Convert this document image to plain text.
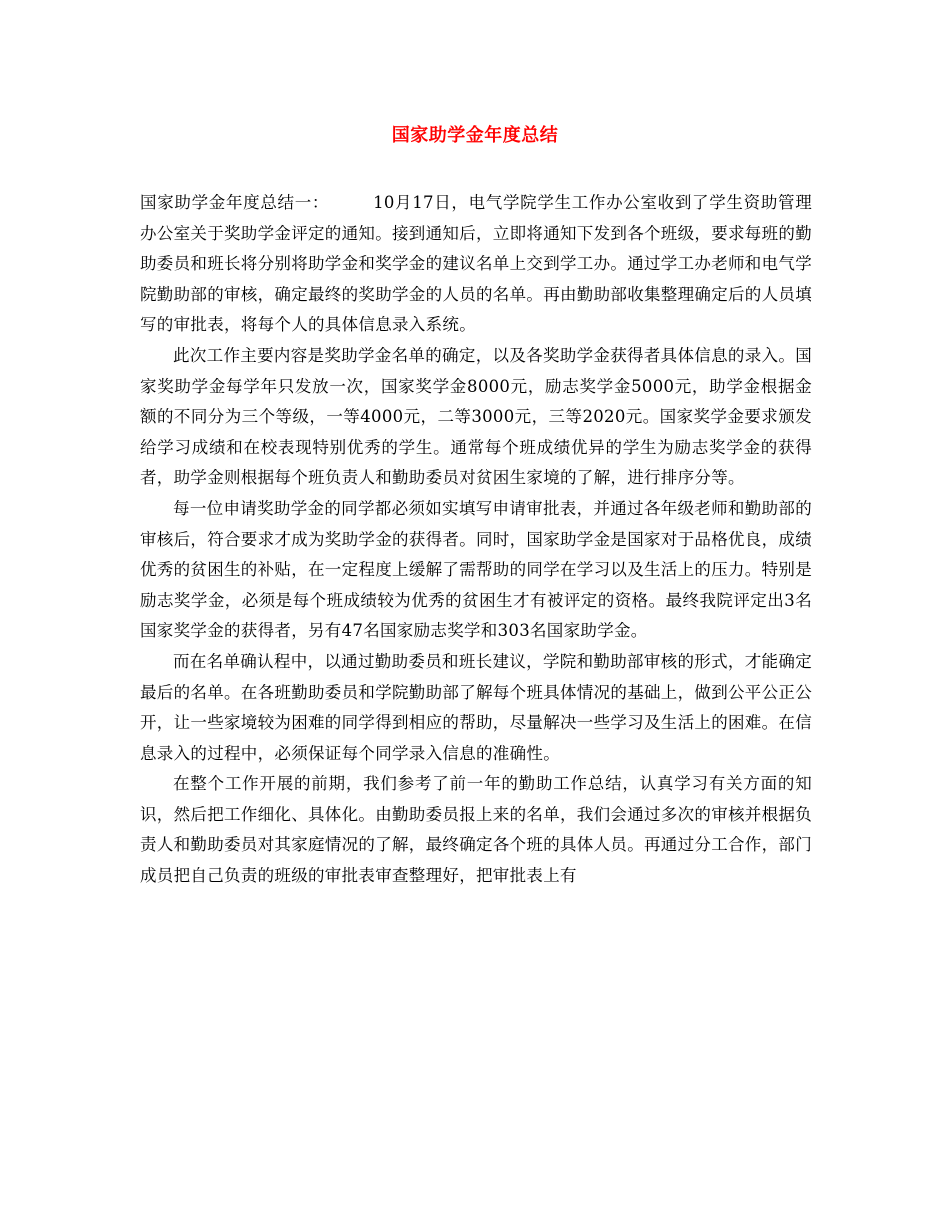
国家助学金年度总结

国家助学金年度总结一：	10月17日，电气学院学生工作办公室收到了学生资助管理办公室关于奖助学金评定的通知。接到通知后，立即将通知下发到各个班级，要求每班的勤助委员和班长将分别将助学金和奖学金的建议名单上交到学工办。通过学工办老师和电气学院勤助部的审核，确定最终的奖助学金的人员的名单。再由勤助部收集整理确定后的人员填写的审批表，将每个人的具体信息录入系统。

此次工作主要内容是奖助学金名单的确定，以及各奖助学金获得者具体信息的录入。国家奖助学金每学年只发放一次，国家奖学金8000元，励志奖学金5000元，助学金根据金额的不同分为三个等级，一等4000元，二等3000元，三等2020元。国家奖学金要求颁发给学习成绩和在校表现特别优秀的学生。通常每个班成绩优异的学生为励志奖学金的获得者，助学金则根据每个班负责人和勤助委员对贫困生家境的了解，进行排序分等。

每一位申请奖助学金的同学都必须如实填写申请审批表，并通过各年级老师和勤助部的审核后，符合要求才成为奖助学金的获得者。同时，国家助学金是国家对于品格优良，成绩优秀的贫困生的补贴，在一定程度上缓解了需帮助的同学在学习以及生活上的压力。特别是励志奖学金，必须是每个班成绩较为优秀的贫困生才有被评定的资格。最终我院评定出3名国家奖学金的获得者，另有47名国家励志奖学和303名国家助学金。

而在名单确认程中，以通过勤助委员和班长建议，学院和勤助部审核的形式，才能确定最后的名单。在各班勤助委员和学院勤助部了解每个班具体情况的基础上，做到公平公正公开，让一些家境较为困难的同学得到相应的帮助，尽量解决一些学习及生活上的困难。在信息录入的过程中，必须保证每个同学录入信息的准确性。

在整个工作开展的前期，我们参考了前一年的勤助工作总结，认真学习有关方面的知识，然后把工作细化、具体化。由勤助委员报上来的名单，我们会通过多次的审核并根据负责人和勤助委员对其家庭情况的了解，最终确定各个班的具体人员。再通过分工合作，部门成员把自己负责的班级的审批表审查整理好，把审批表上有
